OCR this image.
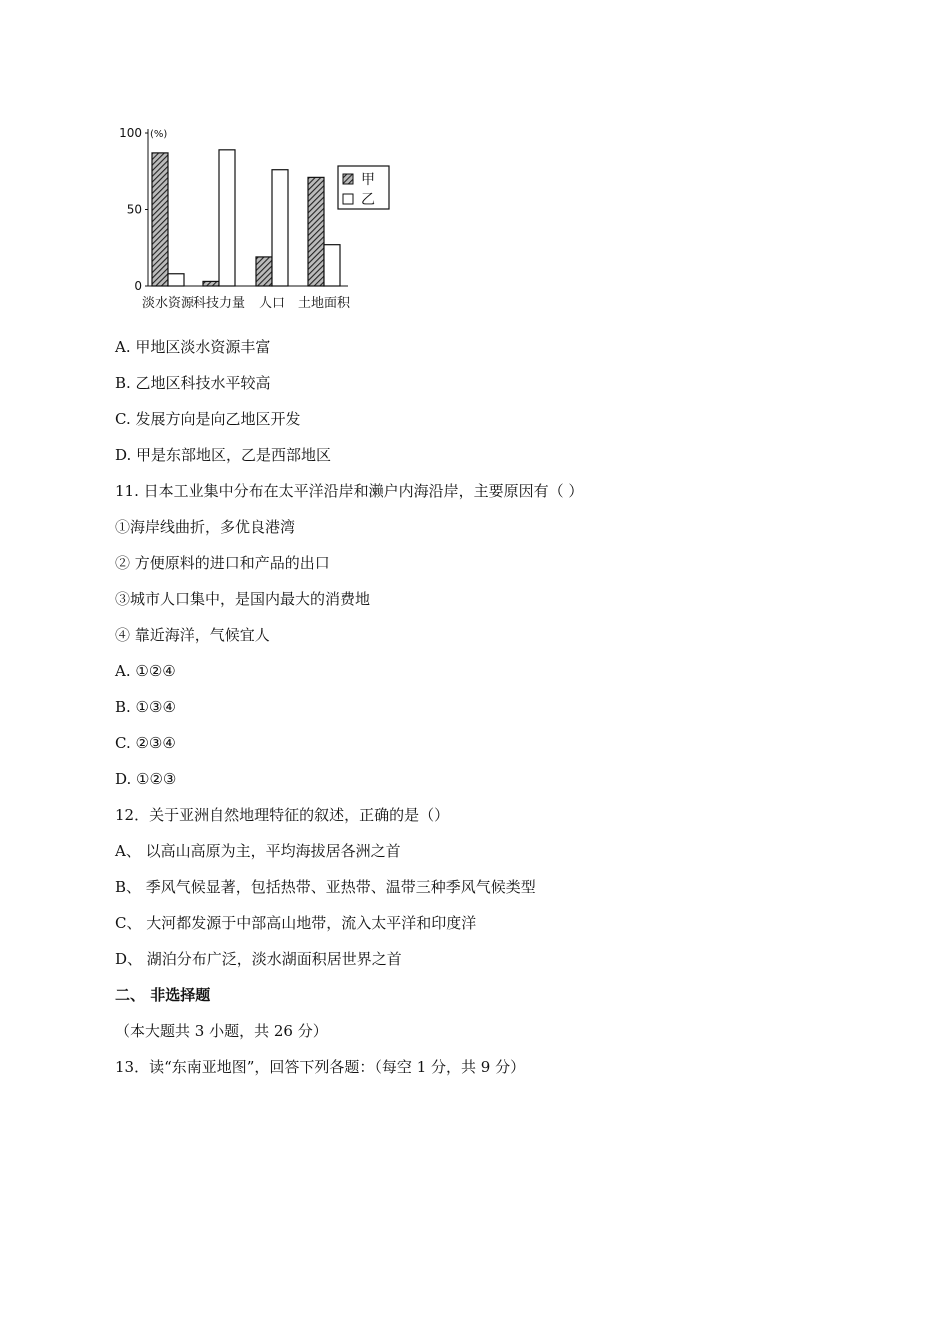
0
50
100 (%)
淡水资源
科技力量 人口 土地面积
甲
乙
A. 甲地区淡水资源丰富
B. 乙地区科技水平较高
C. 发展方向是向乙地区开发
D. 甲是东部地区，乙是西部地区
11. 日本工业集中分布在太平洋沿岸和濑户内海沿岸，主要原因有（ ）
①海岸线曲折，多优良港湾
② 方便原料的进口和产品的出口
③城市人口集中，是国内最大的消费地
④ 靠近海洋，气候宜人
A. ①②④
B. ①③④
C. ②③④
D. ①②③
12．关于亚洲自然地理特征的叙述，正确的是（）
A、 以高山高原为主，平均海拔居各洲之首
B、 季风气候显著，包括热带、亚热带、温带三种季风气候类型
C、 大河都发源于中部高山地带，流入太平洋和印度洋
D、 湖泊分布广泛，淡水湖面积居世界之首
二、 非选择题
（本大题共 3 小题，共 26 分）
13．读“东南亚地图”，回答下列各题：（每空 1 分，共 9 分）
